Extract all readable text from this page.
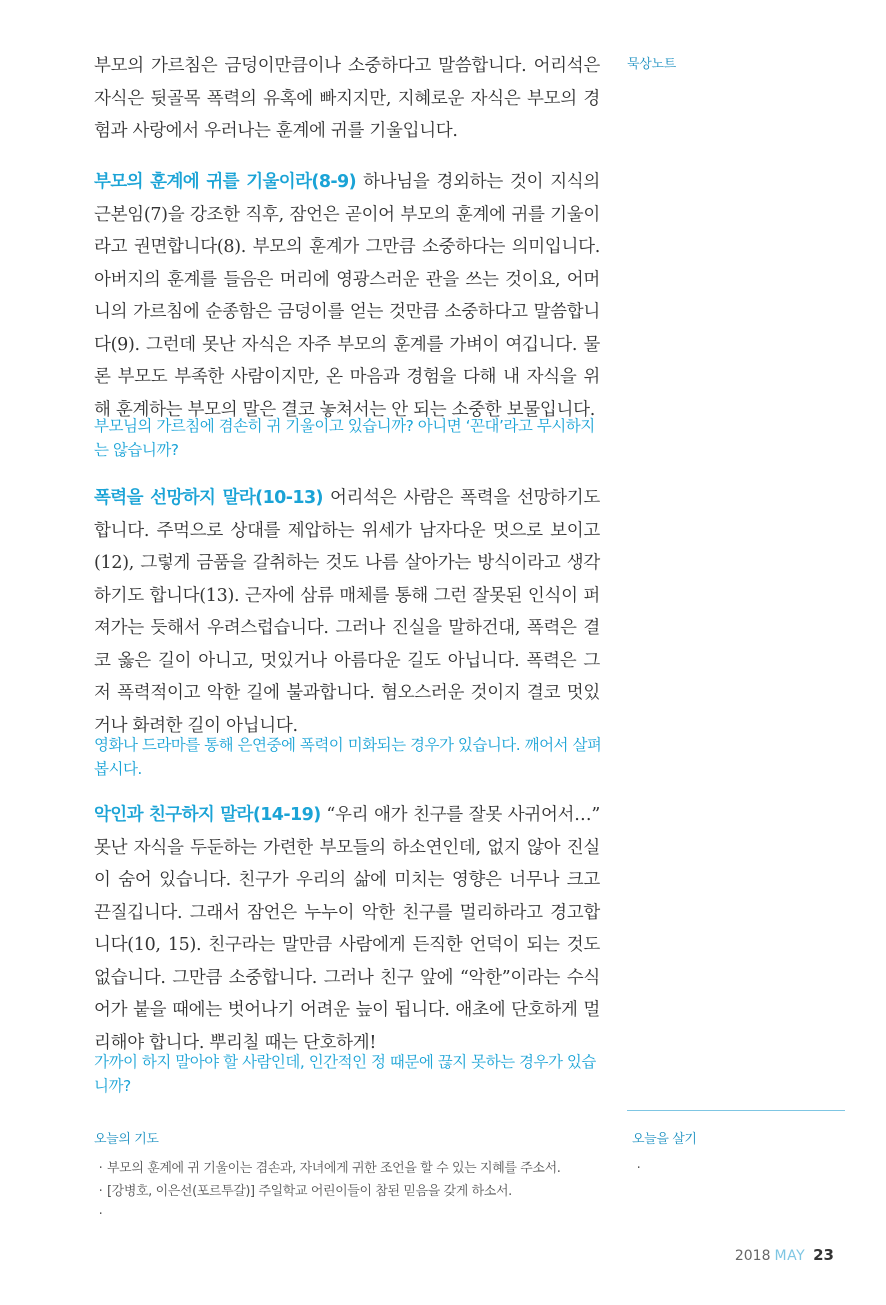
묵상노트

부모의 가르침은 금덩이만큼이나 소중하다고 말씀합니다. 어리석은 자식은 뒷골목 폭력의 유혹에 빠지지만, 지혜로운 자식은 부모의 경험과 사랑에서 우러나는 훈계에 귀를 기울입니다.

부모의 훈계에 귀를 기울이라(8-9) 하나님을 경외하는 것이 지식의 근본임(7)을 강조한 직후, 잠언은 곧이어 부모의 훈계에 귀를 기울이라고 권면합니다(8). 부모의 훈계가 그만큼 소중하다는 의미입니다. 아버지의 훈계를 들음은 머리에 영광스러운 관을 쓰는 것이요, 어머니의 가르침에 순종함은 금덩이를 얻는 것만큼 소중하다고 말씀합니다(9). 그런데 못난 자식은 자주 부모의 훈계를 가벼이 여깁니다. 물론 부모도 부족한 사람이지만, 온 마음과 경험을 다해 내 자식을 위해 훈계하는 부모의 말은 결코 놓쳐서는 안 되는 소중한 보물입니다.

부모님의 가르침에 겸손히 귀 기울이고 있습니까? 아니면 ‘꼰대’라고 무시하지는 않습니까?

폭력을 선망하지 말라(10-13) 어리석은 사람은 폭력을 선망하기도 합니다. 주먹으로 상대를 제압하는 위세가 남자다운 멋으로 보이고(12), 그렇게 금품을 갈취하는 것도 나름 살아가는 방식이라고 생각하기도 합니다(13). 근자에 삼류 매체를 통해 그런 잘못된 인식이 퍼져가는 듯해서 우려스럽습니다. 그러나 진실을 말하건대, 폭력은 결코 옳은 길이 아니고, 멋있거나 아름다운 길도 아닙니다. 폭력은 그저 폭력적이고 악한 길에 불과합니다. 혐오스러운 것이지 결코 멋있거나 화려한 길이 아닙니다.

영화나 드라마를 통해 은연중에 폭력이 미화되는 경우가 있습니다. 깨어서 살펴봅시다.

악인과 친구하지 말라(14-19) “우리 애가 친구를 잘못 사귀어서…” 못난 자식을 두둔하는 가련한 부모들의 하소연인데, 없지 않아 진실이 숨어 있습니다. 친구가 우리의 삶에 미치는 영향은 너무나 크고 끈질깁니다. 그래서 잠언은 누누이 악한 친구를 멀리하라고 경고합니다(10, 15). 친구라는 말만큼 사람에게 든직한 언덕이 되는 것도 없습니다. 그만큼 소중합니다. 그러나 친구 앞에 “악한”이라는 수식어가 붙을 때에는 벗어나기 어려운 늪이 됩니다. 애초에 단호하게 멀리해야 합니다. 뿌리칠 때는 단호하게!

가까이 하지 말아야 할 사람인데, 인간적인 정 때문에 끊지 못하는 경우가 있습니까?
오늘의 기도
· 부모의 훈계에 귀 기울이는 겸손과, 자녀에게 귀한 조언을 할 수 있는 지혜를 주소서.
· [강병호, 이은선(포르투갈)] 주일학교 어린이들이 참된 믿음을 갖게 하소서.
·
오늘을 살기
·
2018 MAY 23
